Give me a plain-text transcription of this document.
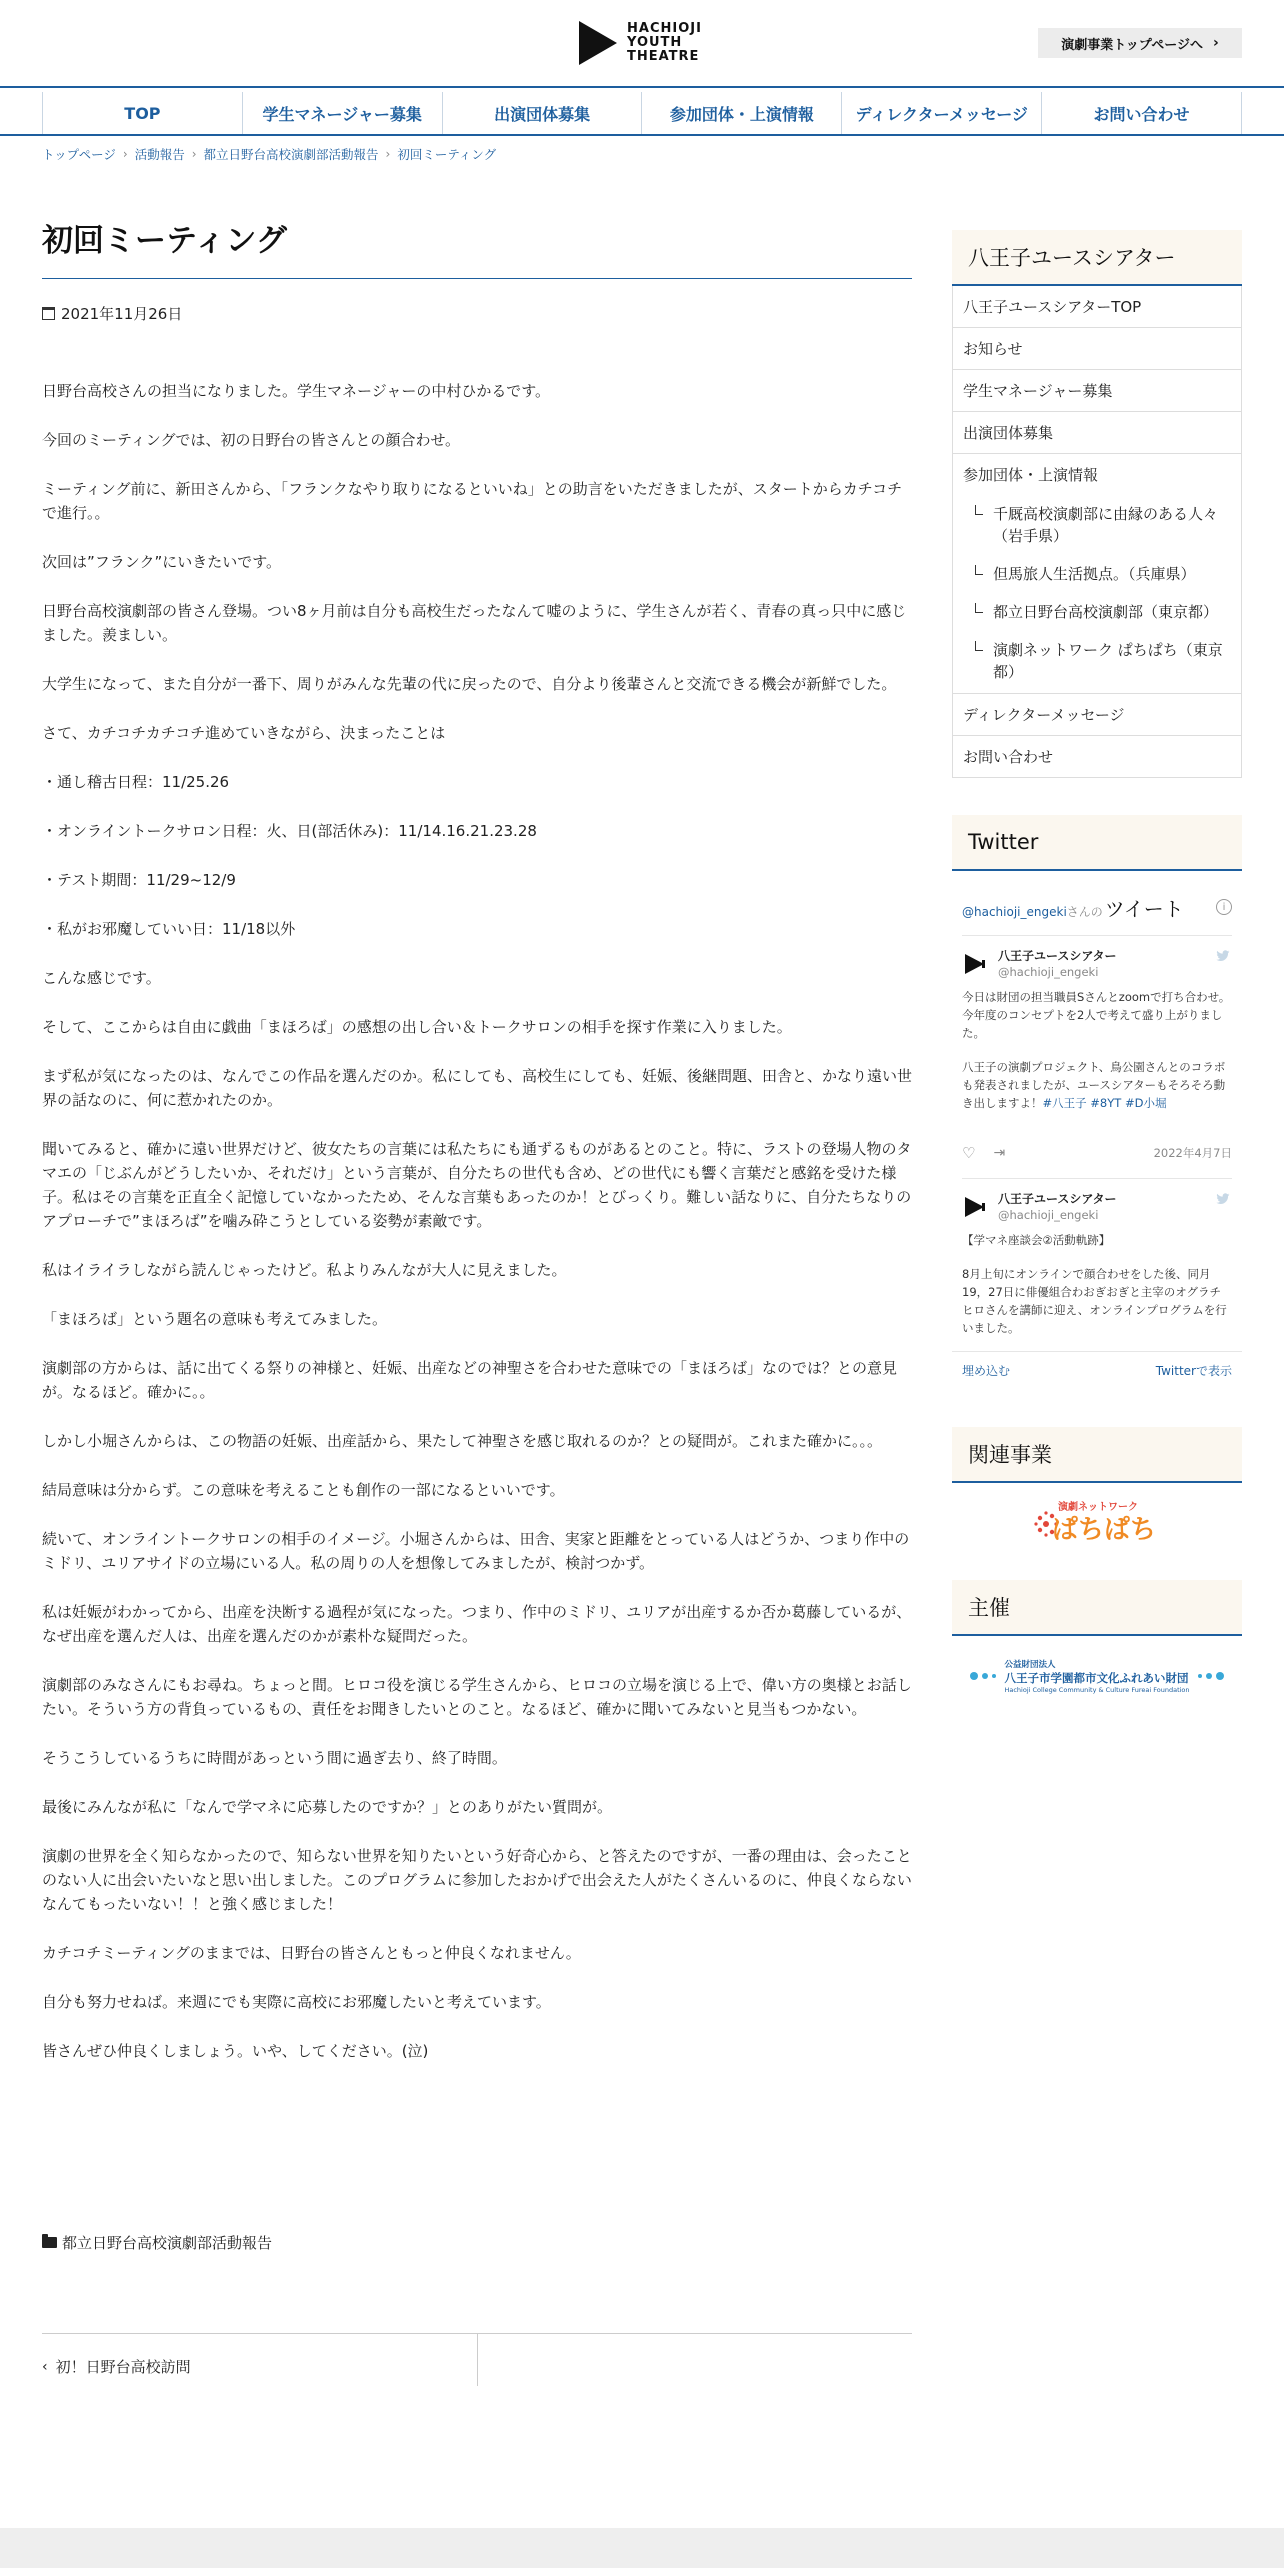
HACHIOJI
YOUTH
THEATRE
演劇事業トップページへ ›
TOP	学生マネージャー募集	出演団体募集	参加団体・上演情報	ディレクターメッセージ	お問い合わせ
トップページ › 活動報告 › 都立日野台高校演劇部活動報告 › 初回ミーティング
初回ミーティング
2021年11月26日

日野台高校さんの担当になりました。学生マネージャーの中村ひかるです。

今回のミーティングでは、初の日野台の皆さんとの顔合わせ。

ミーティング前に、新田さんから、「フランクなやり取りになるといいね」との助言をいただきましたが、スタートからカチコチで進行。。

次回は”フランク”にいきたいです。

日野台高校演劇部の皆さん登場。つい8ヶ月前は自分も高校生だったなんて嘘のように、学生さんが若く、青春の真っ只中に感じました。羨ましい。

大学生になって、また自分が一番下、周りがみんな先輩の代に戻ったので、自分より後輩さんと交流できる機会が新鮮でした。

さて、カチコチカチコチ進めていきながら、決まったことは

・通し稽古日程：11/25.26

・オンライントークサロン日程：火、日(部活休み)：11/14.16.21.23.28

・テスト期間：11/29~12/9

・私がお邪魔していい日：11/18以外

こんな感じです。

そして、ここからは自由に戯曲「まほろば」の感想の出し合い＆トークサロンの相手を探す作業に入りました。

まず私が気になったのは、なんでこの作品を選んだのか。私にしても、高校生にしても、妊娠、後継問題、田舎と、かなり遠い世界の話なのに、何に惹かれたのか。

聞いてみると、確かに遠い世界だけど、彼女たちの言葉には私たちにも通ずるものがあるとのこと。特に、ラストの登場人物のタマエの「じぶんがどうしたいか、それだけ」という言葉が、自分たちの世代も含め、どの世代にも響く言葉だと感銘を受けた様子。私はその言葉を正直全く記憶していなかったため、そんな言葉もあったのか！とびっくり。難しい話なりに、自分たちなりのアプローチで”まほろば”を噛み砕こうとしている姿勢が素敵です。

私はイライラしながら読んじゃったけど。私よりみんなが大人に見えました。

「まほろば」という題名の意味も考えてみました。

演劇部の方からは、話に出てくる祭りの神様と、妊娠、出産などの神聖さを合わせた意味での「まほろば」なのでは？との意見が。なるほど。確かに。。

しかし小堀さんからは、この物語の妊娠、出産話から、果たして神聖さを感じ取れるのか？との疑問が。これまた確かに。。。

結局意味は分からず。この意味を考えることも創作の一部になるといいです。

続いて、オンライントークサロンの相手のイメージ。小堀さんからは、田舎、実家と距離をとっている人はどうか、つまり作中のミドリ、ユリアサイドの立場にいる人。私の周りの人を想像してみましたが、検討つかず。

私は妊娠がわかってから、出産を決断する過程が気になった。つまり、作中のミドリ、ユリアが出産するか否か葛藤しているが、なぜ出産を選んだ人は、出産を選んだのかが素朴な疑問だった。

演劇部のみなさんにもお尋ね。ちょっと間。ヒロコ役を演じる学生さんから、ヒロコの立場を演じる上で、偉い方の奥様とお話したい。そういう方の背負っているもの、責任をお聞きしたいとのこと。なるほど、確かに聞いてみないと見当もつかない。

そうこうしているうちに時間があっという間に過ぎ去り、終了時間。

最後にみんなが私に「なんで学マネに応募したのですか？」とのありがたい質問が。

演劇の世界を全く知らなかったので、知らない世界を知りたいという好奇心から、と答えたのですが、一番の理由は、会ったことのない人に出会いたいなと思い出しました。このプログラムに参加したおかげで出会えた人がたくさんいるのに、仲良くならないなんてもったいない！！と強く感じました！

カチコチミーティングのままでは、日野台の皆さんともっと仲良くなれません。

自分も努力せねば。来週にでも実際に高校にお邪魔したいと考えています。

皆さんぜひ仲良くしましょう。いや、してください。(泣)

都立日野台高校演劇部活動報告
‹ 初！日野台高校訪問
八王子ユースシアター
八王子ユースシアターTOP
お知らせ
学生マネージャー募集
出演団体募集
参加団体・上演情報
千厩高校演劇部に由縁のある人々（岩手県）
但馬旅人生活拠点。（兵庫県）
都立日野台高校演劇部（東京都）
演劇ネットワーク ぱちぱち（東京都）
ディレクターメッセージ
お問い合わせ
Twitter
@hachioji_engekiさんの ツイート	i
八王子ユースシアター
@hachioji_engeki

今日は財団の担当職員Sさんとzoomで打ち合わせ。今年度のコンセプトを2人で考えて盛り上がりました。

八王子の演劇プロジェクト、鳥公園さんとのコラボも発表されましたが、ユースシアターもそろそろ動き出しますよ！#八王子 #8YT #D小堀

♡ ⇥	2022年4月7日
八王子ユースシアター
@hachioji_engeki

【学マネ座談会②活動軌跡】

8月上旬にオンラインで顔合わせをした後、同月19，27日に俳優組合わおぎおぎと主宰のオグラチヒロさんを講師に迎え、オンラインプログラムを行いました。

埋め込む	Twitterで表示
関連事業
演劇ネットワーク
ぱちぱち
主催
公益財団法人
八王子市学園都市文化ふれあい財団
Hachioji College Community & Culture Fureai Foundation
